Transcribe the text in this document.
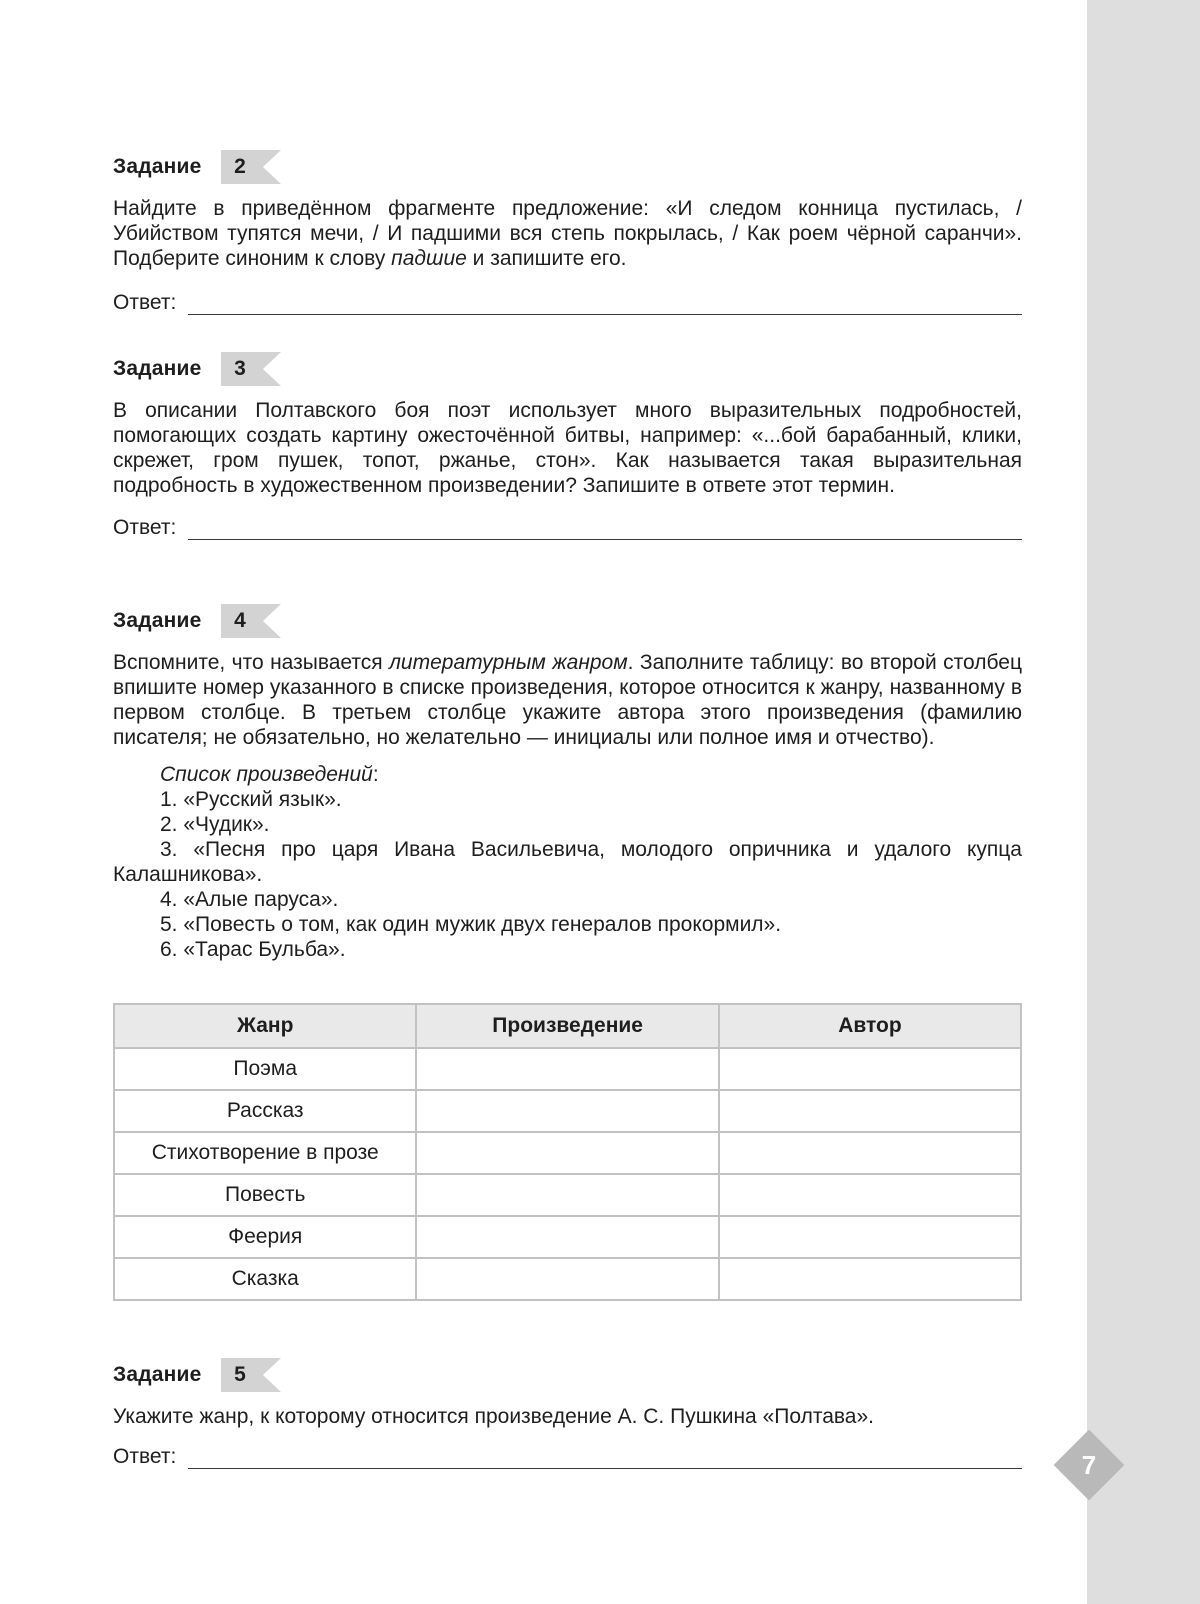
7
Задание	2

Найдите в приведённом фрагменте предложение: «И следом конница пустилась, / Убийством тупятся мечи, / И падшими вся степь покрылась, / Как роем чёрной саранчи». Подберите синоним к слову падшие и запишите его.

Ответ:
Задание	3

В описании Полтавского боя поэт использует много выразительных подробностей, помогающих создать картину ожесточённой битвы, например: «...бой барабанный, клики, скрежет, гром пушек, топот, ржанье, стон». Как называется такая выразительная подробность в художественном произведении? Запишите в ответе этот термин.

Ответ:
Задание	4

Вспомните, что называется литературным жанром. Заполните таблицу: во второй столбец впишите номер указанного в списке произведения, которое относится к жанру, названному в первом столбце. В третьем столбце укажите автора этого произведения (фамилию писателя; не обязательно, но желательно — инициалы или полное имя и отчество).

Список произведений:
1. «Русский язык».
2. «Чудик».
3. «Песня про царя Ивана Васильевича, молодого опричника и удалого купца Калашникова».
4. «Алые паруса».
5. «Повесть о том, как один мужик двух генералов прокормил».
6. «Тарас Бульба».
Жанр	Произведение	Автор
Поэма		
Рассказ		
Стихотворение в прозе		
Повесть		
Феерия		
Сказка		
Задание	5

Укажите жанр, к которому относится произведение А. С. Пушкина «Полтава».

Ответ:
